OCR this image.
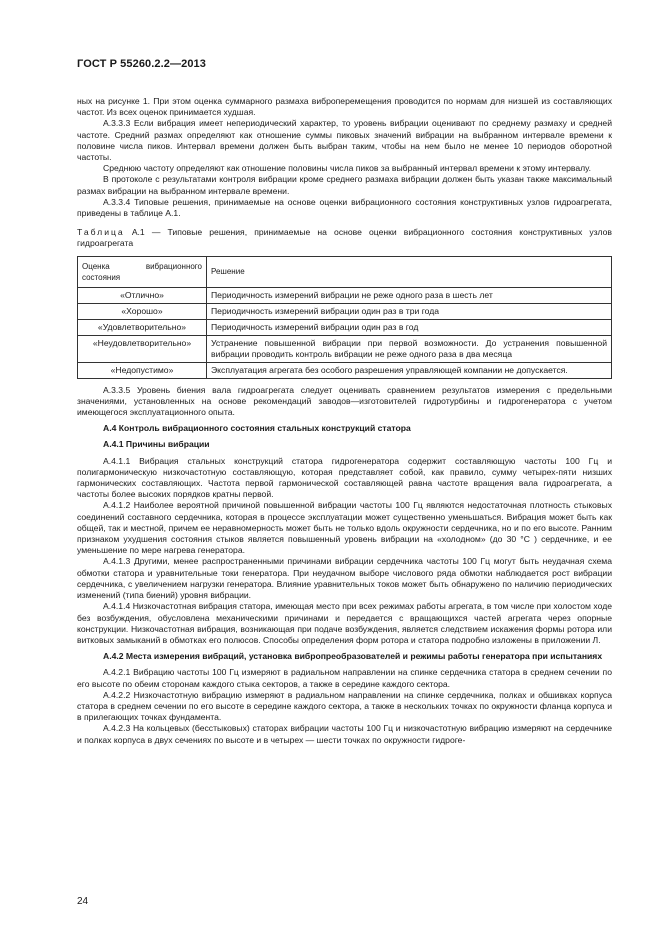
ГОСТ Р 55260.2.2—2013

ных на рисунке 1. При этом оценка суммарного размаха виброперемещения проводится по нормам для низшей из составляющих частот. Из всех оценок принимается худшая.

А.3.3.3 Если вибрация имеет непериодический характер, то уровень вибрации оценивают по среднему размаху и средней частоте. Средний размах определяют как отношение суммы пиковых значений вибрации на выбранном интервале времени к половине числа пиков. Интервал времени должен быть выбран таким, чтобы на нем было не менее 10 периодов оборотной частоты.

Среднюю частоту определяют как отношение половины числа пиков за выбранный интервал времени к этому интервалу.

В протоколе с результатами контроля вибрации кроме среднего размаха вибрации должен быть указан также максимальный размах вибрации на выбранном интервале времени.

А.3.3.4 Типовые решения, принимаемые на основе оценки вибрационного состояния конструктивных узлов гидроагрегата, приведены в таблице А.1.

Таблица А.1 — Типовые решения, принимаемые на основе оценки вибрационного состояния конструктивных узлов гидроагрегата

Оценка вибрационного состояния	Решение
«Отлично»	Периодичность измерений вибрации не реже одного раза в шесть лет
«Хорошо»	Периодичность измерений вибрации один раз в три года
«Удовлетворительно»	Периодичность измерений вибрации один раз в год
«Неудовлетворительно»	Устранение повышенной вибрации при первой возможности. До устранения повышенной вибрации проводить контроль вибрации не реже одного раза в два месяца
«Недопустимо»	Эксплуатация агрегата без особого разрешения управляющей компании не допускается.

А.3.3.5 Уровень биения вала гидроагрегата следует оценивать сравнением результатов измерения с предельными значениями, установленных на основе рекомендаций заводов—изготовителей гидротурбины и гидрогенератора с учетом имеющегося эксплуатационного опыта.

А.4 Контроль вибрационного состояния стальных конструкций статора

А.4.1 Причины вибрации

А.4.1.1 Вибрация стальных конструкций статора гидрогенератора содержит составляющую частоты 100 Гц и полигармоническую низкочастотную составляющую, которая представляет собой, как правило, сумму четырех-пяти низших гармонических составляющих. Частота первой гармонической составляющей равна частоте вращения вала гидроагрегата, а частоты более высоких порядков кратны первой.

А.4.1.2 Наиболее вероятной причиной повышенной вибрации частоты 100 Гц являются недостаточная плотность стыковых соединений составного сердечника, которая в процессе эксплуатации может существенно уменьшаться. Вибрация может быть как общей, так и местной, причем ее неравномерность может быть не только вдоль окружности сердечника, но и по его высоте. Ранним признаком ухудшения состояния стыков является повышенный уровень вибрации на «холодном» (до 30 °С ) сердечнике, и ее уменьшение по мере нагрева генератора.

А.4.1.3 Другими, менее распространенными причинами вибрации сердечника частоты 100 Гц могут быть неудачная схема обмотки статора и уравнительные токи генератора. При неудачном выборе числового ряда обмотки наблюдается рост вибрации сердечника, с увеличением нагрузки генератора. Влияние уравнительных токов может быть обнаружено по наличию периодических изменений (типа биений) уровня вибрации.

А.4.1.4 Низкочастотная вибрация статора, имеющая место при всех режимах работы агрегата, в том числе при холостом ходе без возбуждения, обусловлена механическими причинами и передается с вращающихся частей агрегата через опорные конструкции. Низкочастотная вибрация, возникающая при подаче возбуждения, является следствием искажения формы ротора или витковых замыканий в обмотках его полюсов. Способы определения форм ротора и статора подробно изложены в приложении Л.

А.4.2 Места измерения вибраций, установка вибропреобразователей и режимы работы генератора при испытаниях

А.4.2.1 Вибрацию частоты 100 Гц измеряют в радиальном направлении на спинке сердечника статора в среднем сечении по его высоте по обеим сторонам каждого стыка секторов, а также в середине каждого сектора.

А.4.2.2 Низкочастотную вибрацию измеряют в радиальном направлении на спинке сердечника, полках и обшивках корпуса статора в среднем сечении по его высоте в середине каждого сектора, а также в нескольких точках по окружности фланца корпуса и в прилегающих точках фундамента.

А.4.2.3 На кольцевых (бесстыковых) статорах вибрации частоты 100 Гц и низкочастотную вибрацию измеряют на сердечнике и полках корпуса в двух сечениях по высоте и в четырех — шести точках по окружности гидроге-

24
